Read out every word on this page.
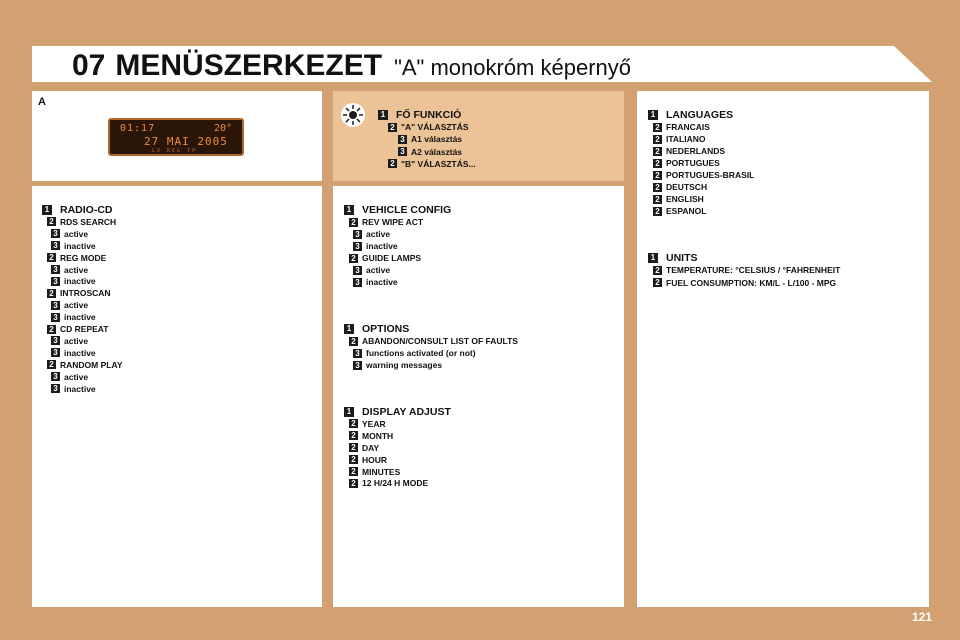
07 MENÜSZERKEZET "A" monokróm képernyő
A
01:17	20°
27 MAI 2005
LX REG TP
1 FŐ FUNKCIÓ
2 "A" VÁLASZTÁS
3 A1 választás
3 A2 választás
2 "B" VÁLASZTÁS...
1 RADIO-CD
2 RDS SEARCH
3 active
3 inactive
2 REG MODE
3 active
3 inactive
2 INTROSCAN
3 active
3 inactive
2 CD REPEAT
3 active
3 inactive
2 RANDOM PLAY
3 active
3 inactive
1 VEHICLE CONFIG
2 REV WIPE ACT
3 active
3 inactive
2 GUIDE LAMPS
3 active
3 inactive
1 OPTIONS
2 ABANDON/CONSULT LIST OF FAULTS
3 functions activated (or not)
3 warning messages
1 DISPLAY ADJUST
2 YEAR
2 MONTH
2 DAY
2 HOUR
2 MINUTES
2 12 H/24 H MODE
1 LANGUAGES
2 FRANCAIS
2 ITALIANO
2 NEDERLANDS
2 PORTUGUES
2 PORTUGUES-BRASIL
2 DEUTSCH
2 ENGLISH
2 ESPANOL
1 UNITS
2 TEMPERATURE: °CELSIUS / °FAHRENHEIT
2 FUEL CONSUMPTION: KM/L - L/100 - MPG
121
